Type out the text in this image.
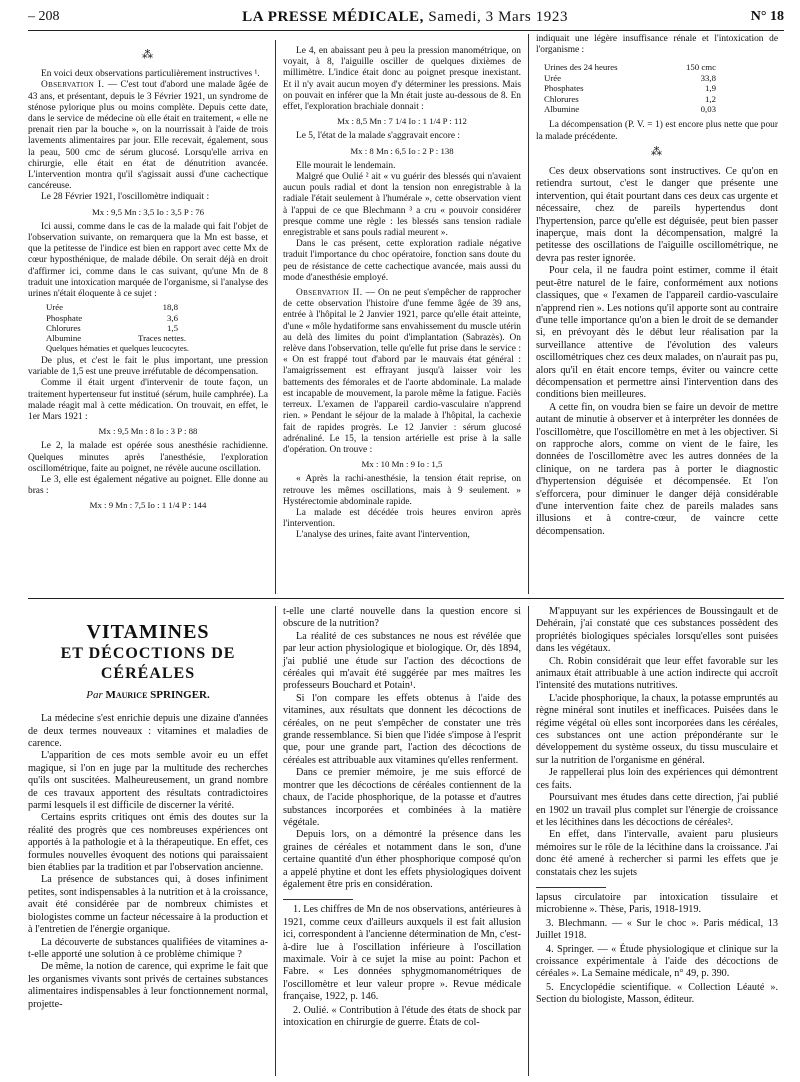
– 208	LA PRESSE MÉDICALE, Samedi, 3 Mars 1923	N° 18
⁂

En voici deux observations particulièrement instructives ¹.

Observation I. — C'est tout d'abord une malade âgée de 43 ans, et présentant, depuis le 3 Février 1921, un syndrome de sténose pylorique plus ou moins complète. Depuis cette date, dans le service de médecine où elle était en traitement, « elle ne prenait rien par la bouche », on la nourrissait à l'aide de trois lavements alimentaires par jour. Elle recevait, également, sous la peau, 500 cmc de sérum glucosé. Lorsqu'elle arriva en chirurgie, elle était en état de dénutrition avancée. L'intervention montra qu'il s'agissait aussi d'une cachectique cancéreuse.

Le 28 Février 1921, l'oscillomètre indiquait :

Mx : 9,5 Mn : 3,5 Io : 3,5 P : 76

Ici aussi, comme dans le cas de la malade qui fait l'objet de l'observation suivante, on remarquera que la Mn est basse, et que la petitesse de l'indice est bien en rapport avec cette Mx de cœur hyposthénique, de malade débile. On serait déjà en droit d'affirmer ici, comme dans le cas suivant, qu'une Mn de 8 traduit une intoxication marquée de l'organisme, si l'analyse des urines n'était éloquente à ce sujet :

Urée	18,8
Phosphate	3,6
Chlorures	1,5
Albumine	Traces nettes.
Quelques hématies et quelques leucocytes.

De plus, et c'est le fait le plus important, une pression variable de 1,5 est une preuve irréfutable de décompensation.

Comme il était urgent d'intervenir de toute façon, un traitement hypertenseur fut institué (sérum, huile camphrée). La malade réagit mal à cette médication. On trouvait, en effet, le 1er Mars 1921 :

Mx : 9,5 Mn : 8 Io : 3 P : 88

Le 2, la malade est opérée sous anesthésie rachidienne. Quelques minutes après l'anesthésie, l'exploration oscillométrique, faite au poignet, ne révèle aucune oscillation.

Le 3, elle est également négative au poignet. Elle donne au bras :

Mx : 9 Mn : 7,5 Io : 1 1/4 P : 144

Le 4, en abaissant peu à peu la pression manométrique, on voyait, à 8, l'aiguille osciller de quelques dixièmes de millimètre. L'indice était donc au poignet presque inexistant. Et il n'y avait aucun moyen d'y déterminer les pressions. Mais on pouvait en inférer que la Mn était juste au-dessous de 8. En effet, l'exploration brachiale donnait :

Mx : 8,5 Mn : 7 1/4 Io : 1 1/4 P : 112

Le 5, l'état de la malade s'aggravait encore :

Mx : 8 Mn : 6,5 Io : 2 P : 138

Elle mourait le lendemain.

Malgré que Oulié ² ait « vu guérir des blessés qui n'avaient aucun pouls radial et dont la tension non enregistrable à la radiale l'était seulement à l'humérale », cette observation vient à l'appui de ce que Blechmann ³ a cru « pouvoir considérer presque comme une règle : les blessés sans tension radiale enregistrable et sans pouls radial meurent ».

Dans le cas présent, cette exploration radiale négative traduit l'importance du choc opératoire, fonction sans doute du peu de résistance de cette cachectique avancée, mais aussi du mode d'anesthésie employé.

Observation II. — On ne peut s'empêcher de rapprocher de cette observation l'histoire d'une femme âgée de 39 ans, entrée à l'hôpital le 2 Janvier 1921, parce qu'elle était atteinte, d'une « môle hydatiforme sans envahissement du muscle utérin au delà des limites du point d'implantation (Sabrazès). On relève dans l'observation, telle qu'elle fut prise dans le service : « On est frappé tout d'abord par le mauvais état général : l'amaigrissement est effrayant jusqu'à laisser voir les battements des fémorales et de l'aorte abdominale. La malade est incapable de mouvement, la parole même la fatigue. Faciès terreux. L'examen de l'appareil cardio-vasculaire n'apprend rien. » Pendant le séjour de la malade à l'hôpital, la cachexie fait de rapides progrès. Le 12 Janvier : sérum glucosé adrénaliné. Le 15, la tension artérielle est prise à la salle d'opération. On trouve :

Mx : 10 Mn : 9 Io : 1,5

« Après la rachi-anesthésie, la tension était reprise, on retrouve les mêmes oscillations, mais à 9 seulement. » Hystérectomie abdominale rapide.

La malade est décédée trois heures environ après l'intervention.

L'analyse des urines, faite avant l'intervention,

indiquait une légère insuffisance rénale et l'intoxication de l'organisme :

Urines des 24 heures	150 cmc
Urée	33,8
Phosphates	1,9
Chlorures	1,2
Albumine	0,03

La décompensation (P. V. = 1) est encore plus nette que pour la malade précédente.

⁂

Ces deux observations sont instructives. Ce qu'on en retiendra surtout, c'est le danger que présente une intervention, qui était pourtant dans ces deux cas urgente et nécessaire, chez de pareils hypertendus dont l'hypertension, parce qu'elle est déguisée, peut bien passer inaperçue, mais dont la décompensation, malgré la petitesse des oscillations de l'aiguille oscillométrique, ne devra pas rester ignorée.

Pour cela, il ne faudra point estimer, comme il était peut-être naturel de le faire, conformément aux notions classiques, que « l'examen de l'appareil cardio-vasculaire n'apprend rien ». Les notions qu'il apporte sont au contraire d'une telle importance qu'on a bien le droit de se demander si, en prévoyant dès le début leur réalisation par la surveillance attentive de l'évolution des valeurs oscillométriques chez ces deux malades, on n'aurait pas pu, alors qu'il en était encore temps, éviter ou vaincre cette décompensation et permettre ainsi l'intervention dans des conditions bien meilleures.

A cette fin, on voudra bien se faire un devoir de mettre autant de minutie à observer et à interpréter les données de l'oscillomètre, que l'oscillomètre en met à les objectiver. Si on rapproche alors, comme on vient de le faire, les données de l'oscillomètre avec les autres données de la clinique, on ne tardera pas à porter le diagnostic d'hypertension déguisée et décompensée. Et l'on s'efforcera, pour diminuer le danger déjà considérable d'une intervention faite chez de pareils malades sans illusions et à contre-cœur, de vaincre cette décompensation.

VITAMINES
ET DÉCOCTIONS DE CÉRÉALES
Par Maurice SPRINGER.

La médecine s'est enrichie depuis une dizaine d'années de deux termes nouveaux : vitamines et maladies de carence.

L'apparition de ces mots semble avoir eu un effet magique, si l'on en juge par la multitude des recherches qu'ils ont suscitées. Malheureusement, un grand nombre de ces travaux apportent des résultats contradictoires parmi lesquels il est difficile de discerner la vérité.

Certains esprits critiques ont émis des doutes sur la réalité des progrès que ces nombreuses expériences ont apportés à la pathologie et à la thérapeutique. En effet, ces formules nouvelles évoquent des notions qui paraissaient bien établies par la tradition et par l'observation ancienne.

La présence de substances qui, à doses infiniment petites, sont indispensables à la nutrition et à la croissance, avait été considérée par de nombreux chimistes et biologistes comme un facteur nécessaire à la production et à l'entretien de l'énergie organique.

La découverte de substances qualifiées de vitamines a-t-elle apporté une solution à ce problème chimique ?

De même, la notion de carence, qui exprime le fait que les organismes vivants sont privés de certaines substances alimentaires indispensables à leur fonctionnement normal, projette-

t-elle une clarté nouvelle dans la question encore si obscure de la nutrition?

La réalité de ces substances ne nous est révélée que par leur action physiologique et biologique. Or, dès 1894, j'ai publié une étude sur l'action des décoctions de céréales qui m'avait été suggérée par mes maîtres les professeurs Bouchard et Potain¹.

Si l'on compare les effets obtenus à l'aide des vitamines, aux résultats que donnent les décoctions de céréales, on ne peut s'empêcher de constater une très grande ressemblance. Si bien que l'idée s'impose à l'esprit que, pour une grande part, l'action des décoctions de céréales est attribuable aux vitamines qu'elles renferment.

Dans ce premier mémoire, je me suis efforcé de montrer que les décoctions de céréales contiennent de la chaux, de l'acide phosphorique, de la potasse et d'autres substances incorporées et combinées à la matière végétale.

Depuis lors, on a démontré la présence dans les graines de céréales et notamment dans le son, d'une certaine quantité d'un éther phosphorique composé qu'on a appelé phytine et dont les effets physiologiques doivent également être pris en considération.

1. Les chiffres de Mn de nos observations, antérieures à 1921, comme ceux d'ailleurs auxquels il est fait allusion ici, correspondent à l'ancienne détermination de Mn, c'est-à-dire lue à l'oscillation inférieure à l'oscillation maximale. Voir à ce sujet la mise au point: Pachon et Fabre. « Les données sphygmomanométriques de l'oscillomètre et leur valeur propre ». Revue médicale française, 1922, p. 146.

2. Oulié. « Contribution à l'étude des états de shock par intoxication en chirurgie de guerre. États de col-

M'appuyant sur les expériences de Boussingault et de Dehérain, j'ai constaté que ces substances possèdent des propriétés biologiques spéciales lorsqu'elles sont puisées dans les végétaux.

Ch. Robin considérait que leur effet favorable sur les animaux était attribuable à une action indirecte qui accroît l'intensité des mutations nutritives.

L'acide phosphorique, la chaux, la potasse empruntés au règne minéral sont inutiles et inefficaces. Puisées dans le régime végétal où elles sont incorporées dans les céréales, ces substances ont une action prépondérante sur le développement du système osseux, du tissu musculaire et sur la nutrition de l'organisme en général.

Je rappellerai plus loin des expériences qui démontrent ces faits.

Poursuivant mes études dans cette direction, j'ai publié en 1902 un travail plus complet sur l'énergie de croissance et les lécithines dans les décoctions de céréales².

En effet, dans l'intervalle, avaient paru plusieurs mémoires sur le rôle de la lécithine dans la croissance. J'ai donc été amené à rechercher si parmi les effets que je constatais chez les sujets

lapsus circulatoire par intoxication tissulaire et microbienne ». Thèse, Paris, 1918-1919.

3. Blechmann. — « Sur le choc ». Paris médical, 13 Juillet 1918.

4. Springer. — « Étude physiologique et clinique sur la croissance expérimentale à l'aide des décoctions de céréales ». La Semaine médicale, n° 49, p. 390.

5. Encyclopédie scientifique. « Collection Léauté ». Section du biologiste, Masson, éditeur.
